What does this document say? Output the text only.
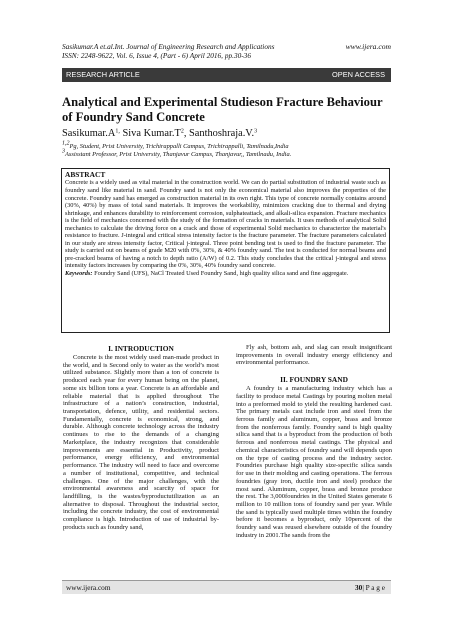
Sasikumar.A et.al.Int. Journal of Engineering Research and Applications
ISSN: 2248-9622, Vol. 6, Issue 4, (Part - 6) April 2016, pp.30-36
www.ijera.com
RESEARCH ARTICLE	OPEN ACCESS
Analytical and Experimental Studieson Fracture Behaviour of Foundry Sand Concrete
$Sasikumar.A^{1,}$ Siva $Kumar.T^2$, Santhoshraja.V.$^3$
$^{1,2}$Pg, Student, Prist University, Trichirappalli Campus, Trichirappalli, Tamilnadu,India
$^3$Assisstant Professor, Prist University, Thanjavur Campus, Thanjavur,, Tamilnadu, India.
ABSTRACT

Concrete is a widely used as vital material in the construction world. We can do partial substitution of industrial waste such as foundry sand like material in sand. Foundry sand is not only the economical material also improves the properties of the concrete. Foundry sand has emerged as construction material in its own right. This type of concrete normally contains around (30%, 40%) by mass of total sand materials. It improves the workability, minimizes cracking due to thermal and drying shrinkage, and enhances durability to reinforcement corrosion, sulphateattack, and alkali-silica expansion. Fracture mechanics is the field of mechanics concerned with the study of the formation of cracks in materials. It uses methods of analytical Solid mechanics to calculate the driving force on a crack and those of experimental Solid mechanics to characterize the material's resistance to fracture. J-integral and critical stress intensity factor is the fracture parameter. The fracture parameters calculated in our study are stress intensity factor, Critical j-integral. Three point bending test is used to find the fracture parameter. The study is carried out on beams of grade M20 with 0%, 30%, & 40% foundry sand. The test is conducted for normal beams and pre-cracked beams of having a notch to depth ratio (A/W) of 0.2. This study concludes that the critical j-integral and stress intensity factors increases by comparing the 0%, 30%, 40% foundry sand concrete.

Keywords: Foundry Sand (UFS), NaCl Treated Used Foundry Sand, high quality silica sand and fine aggregate.

I. INTRODUCTION

Concrete is the most widely used man-made product in the world, and is Second only to water as the world’s most utilized substance. Slightly more than a ton of concrete is produced each year for every human being on the planet, some six billion tons a year. Concrete is an affordable and reliable material that is applied throughout The infrastructure of a nation’s construction, industrial, transportation, defence, utility, and residential sectors. Fundamentally, concrete is economical, strong, and durable. Although concrete technology across the industry continues to rise to the demands of a changing Marketplace, the industry recognizes that considerable improvements are essential in Productivity, product performance, energy efficiency, and environmental performance. The industry will need to face and overcome a number of institutional, competitive, and technical challenges. One of the major challenges, with the environmental awareness and scarcity of space for landfilling, is the wastes/byproductutilization as an alternative to disposal. Throughout the industrial sector, including the concrete industry, the cost of environmental compliance is high. Introduction of use of industrial by-products such as foundry sand,

Fly ash, bottom ash, and slag can result insignificant improvements in overall industry energy efficiency and environmental performance.

II. FOUNDRY SAND

A foundry is a manufacturing industry which has a facility to produce metal Castings by pouring molten metal into a preformed mold to yield the resulting hardened cast. The primary metals cast include iron and steel from the ferrous family and aluminum, copper, brass and bronze from the nonferrous family. Foundry sand is high quality silica sand that is a byproduct from the production of both ferrous and nonferrous metal castings. The physical and chemical characteristics of foundry sand will depends upon on the type of casting process and the industry sector. Foundries purchase high quality size-specific silica sands for use in their molding and casting operations. The ferrous foundries (gray iron, ductile iron and steel) produce the most sand. Aluminum, copper, brass and bronze produce the rest. The 3,000foundries in the United States generate 6 million to 10 million tons of foundry sand per year. While the sand is typically used multiple times within the foundry before it becomes a byproduct, only 10percent of the foundry sand was reused elsewhere outside of the foundry industry in 2001.The sands from the

www.ijera.com	30| P a g e
